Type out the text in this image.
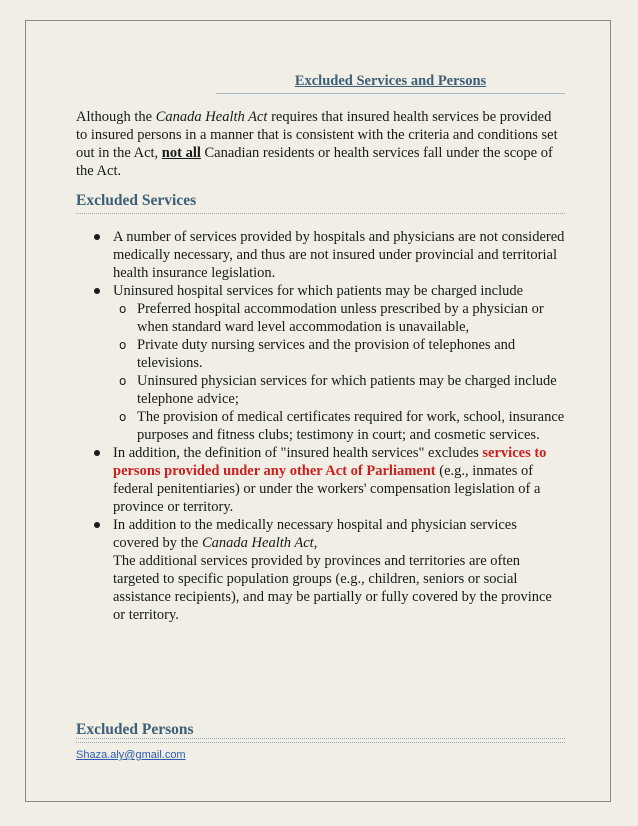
Excluded Services and Persons

Although the Canada Health Act requires that insured health services be provided to insured persons in a manner that is consistent with the criteria and conditions set out in the Act, not all Canadian residents or health services fall under the scope of the Act.

Excluded Services
A number of services provided by hospitals and physicians are not considered medically necessary, and thus are not insured under provincial and territorial health insurance legislation.
Uninsured hospital services for which patients may be charged include
o Preferred hospital accommodation unless prescribed by a physician or when standard ward level accommodation is unavailable,
o Private duty nursing services and the provision of telephones and televisions.
o Uninsured physician services for which patients may be charged include telephone advice;
o The provision of medical certificates required for work, school, insurance purposes and fitness clubs; testimony in court; and cosmetic services.
In addition, the definition of "insured health services" excludes services to persons provided under any other Act of Parliament (e.g., inmates of federal penitentiaries) or under the workers' compensation legislation of a province or territory.
In addition to the medically necessary hospital and physician services covered by the Canada Health Act,
The additional services provided by provinces and territories are often targeted to specific population groups (e.g., children, seniors or social assistance recipients), and may be partially or fully covered by the province or territory.
Excluded Persons
Shaza.aly@gmail.com
